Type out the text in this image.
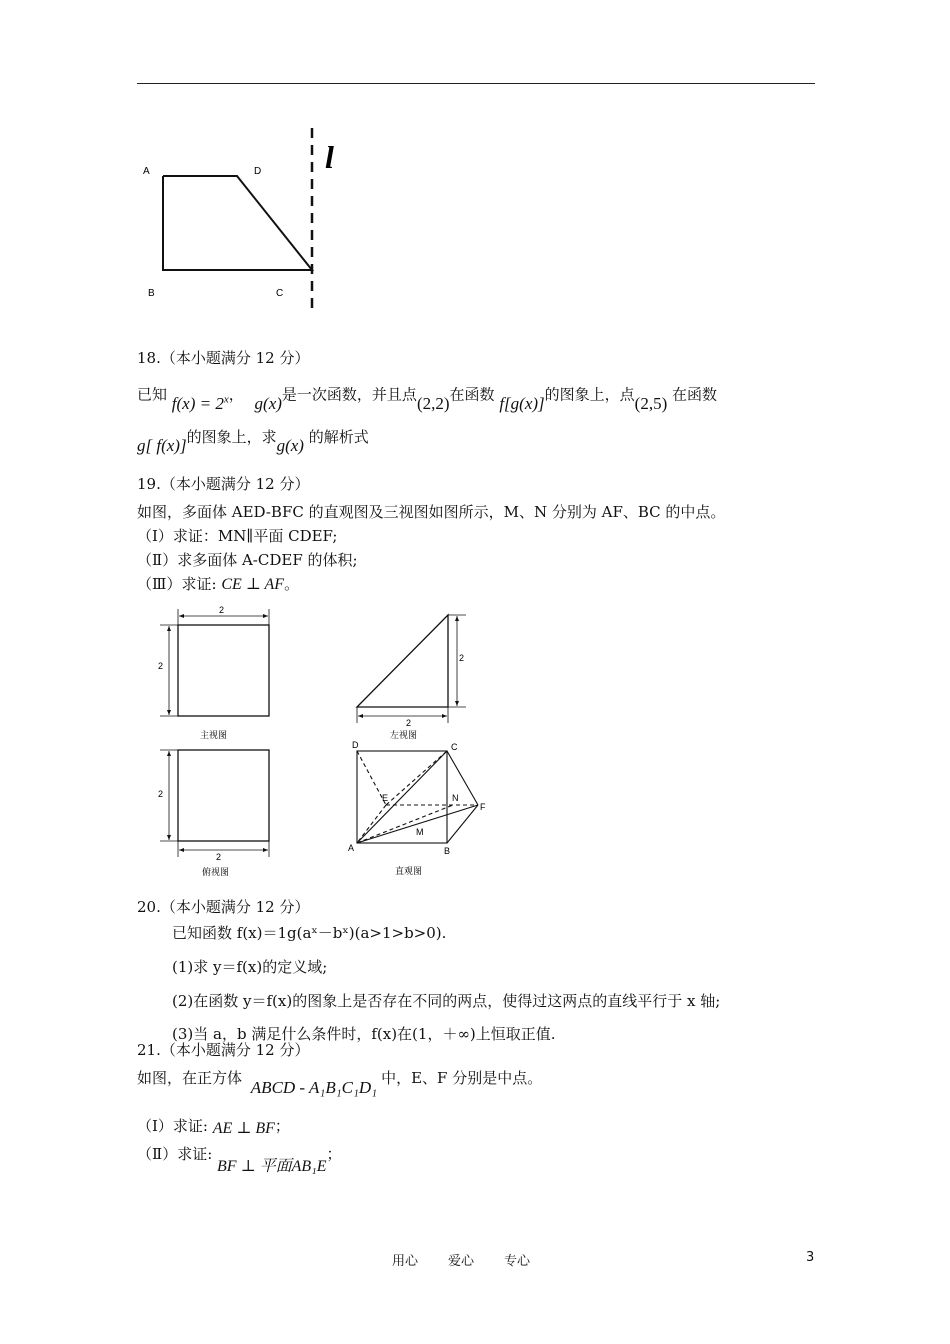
A	D
B	C
l
18.（本小题满分 12 分）
已知 $f(x) = 2^x$， g(x)是一次函数，并且点(2,2)在函数 f[g(x)]的图象上，点(2,5) 在函数
g[ f(x)]的图象上，求g(x) 的解析式
19.（本小题满分 12 分）
如图，多面体 AED-BFC 的直观图及三视图如图所示，M、N 分别为 AF、BC 的中点。
（Ⅰ）求证：MN∥平面 CDEF;
（Ⅱ）求多面体 A-CDEF 的体积;
（Ⅲ）求证: CE ⊥ AF。
2
2
主视图
2
2
左视图
2
2
俯视图
D	C
E	N
F
M
A	B
直观图
20.（本小题满分 12 分）
已知函数 f(x)＝1g(aˣ－bˣ)(a>1>b>0).
(1)求 y＝f(x)的定义域;
(2)在函数 y＝f(x)的图象上是否存在不同的两点，使得过这两点的直线平行于 x 轴;
(3)当 a，b 满足什么条件时，f(x)在(1，＋∞)上恒取正值.
21.（本小题满分 12 分）
如图，在正方体 ABCD - A₁B₁C₁D₁ 中，E、F 分别是中点。
（Ⅰ）求证: AE ⊥ BF；
（Ⅱ）求证: BF ⊥ 平面AB₁E；
用心 爱心 专心	3
